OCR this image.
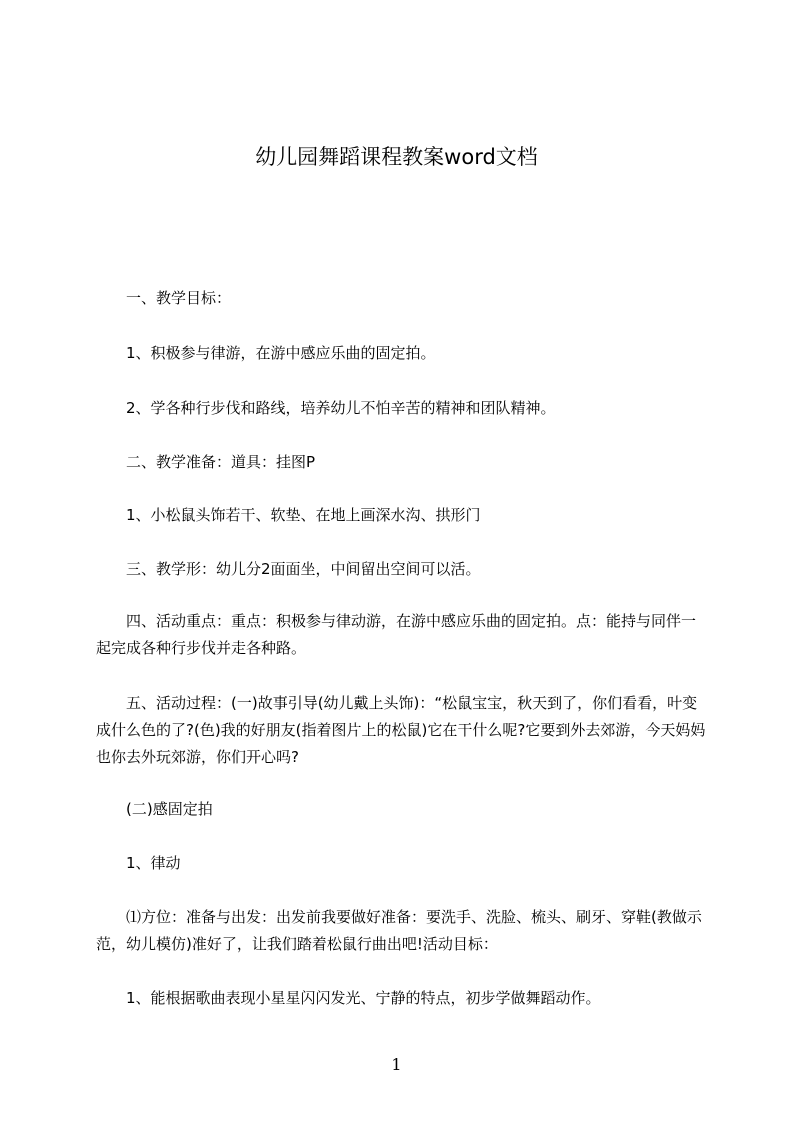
幼儿园舞蹈课程教案word文档
一、教学目标：
1、积极参与律游，在游中感应乐曲的固定拍。
2、学各种行步伐和路线，培养幼儿不怕辛苦的精神和团队精神。
二、教学准备：道具：挂图P
1、小松鼠头饰若干、软垫、在地上画深水沟、拱形门
三、教学形：幼儿分2面面坐，中间留出空间可以活。
四、活动重点：重点：积极参与律动游，在游中感应乐曲的固定拍。点：能持与同伴一起完成各种行步伐并走各种路。
五、活动过程：(一)故事引导(幼儿戴上头饰)：“松鼠宝宝，秋天到了，你们看看，叶变成什么色的了?(色)我的好朋友(指着图片上的松鼠)它在干什么呢?它要到外去郊游，今天妈妈也你去外玩郊游，你们开心吗?
(二)感固定拍
1、律动
⑴方位：准备与出发：出发前我要做好准备：要洗手、洗脸、梳头、刷牙、穿鞋(教做示范，幼儿模仿)准好了，让我们踏着松鼠行曲出吧!活动目标：
1、能根据歌曲表现小星星闪闪发光、宁静的特点，初步学做舞蹈动作。
1
